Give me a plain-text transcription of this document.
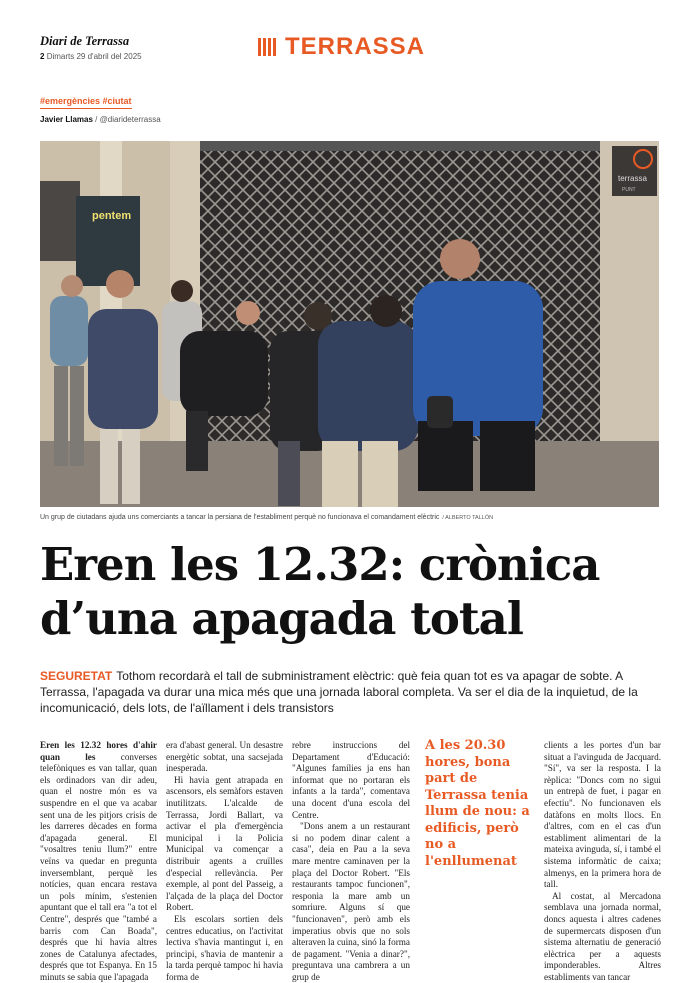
Diari de Terrassa
2 Dimarts 29 d'abril del 2025	TERRASSA
#emergències #ciutat
Javier Llamas / @diarideterrassa
pentem
terrassa
PUNT
Un grup de ciutadans ajuda uns comerciants a tancar la persiana de l'establiment perquè no funcionava el comandament elèctric / ALBERTO TALLÓN
Eren les 12.32: crònica
d’una apagada total
SEGURETAT Tothom recordarà el tall de subministrament elèctric: què feia quan tot es va apagar de sobte. A Terrassa, l'apagada va durar una mica més que una jornada laboral completa. Va ser el dia de la inquietud, de la incomunicació, dels lots, de l'aïllament i dels transistors

Eren les 12.32 hores d'ahir quan les	converses telefòniques es van tallar, quan els ordinadors van dir adeu, quan el nostre món es va suspendre en el que va acabar sent una de les pitjors crisis de les darreres dècades en forma d'apagada general. El "vosaltres teniu llum?" entre veïns va quedar en pregunta inversemblant, perquè les notícies, quan encara restava un pols mínim, s'estenien apuntant que el tall era "a tot el Centre", després que "també a barris com Can Boada", després que hi havia altres zones de Catalunya afectades, després que tot Espanya. En 15 minuts se sabia que l'apagada

era d'abast general. Un desastre energètic sobtat, una sacsejada inesperada.

Hi havia gent atrapada en ascensors, els semàfors estaven inutilitzats. L'alcalde de Terrassa, Jordi Ballart, va activar el pla d'emergència municipal i la Policia Municipal va començar a distribuir agents a cruïlles d'especial rellevància. Per exemple, al pont del Passeig, a l'alçada de la plaça del Doctor Robert.

Els escolars sortien dels centres educatius, on l'activitat lectiva s'havia mantingut i, en principi, s'havia de mantenir a la tarda perquè tampoc hi havia forma de

rebre instruccions del Departament d'Educació: "Algunes famílies ja ens han informat que no portaran els infants a la tarda", comentava una docent d'una escola del Centre.

"Dons anem a un restaurant si no podem dinar calent a casa", deia en Pau a la seva mare mentre caminaven per la plaça del Doctor Robert. "Els restaurants tampoc funcionen", responia la mare amb un somriure. Alguns sí que "funcionaven", però amb els imperatius obvis que no sols alteraven la cuina, sinó la forma de pagament. "Venia a dinar?", preguntava una cambrera a un grup de

A les 20.30 hores, bona part de Terrassa tenia llum de nou: a edificis, però no a l'enllumenat

clients a les portes d'un bar situat a l'avinguda de Jacquard. "Sí", va ser la resposta. I la rèplica: "Doncs com no sigui un entrepà de fuet, i pagar en efectiu". No funcionaven els datàfons en molts llocs. En d'altres, com en el cas d'un establiment alimentari de la mateixa avinguda, sí, i també el sistema informàtic de caixa; almenys, en la primera hora de tall.

Al costat, al Mercadona semblava una jornada normal, doncs aquesta i altres cadenes de supermercats disposen d'un sistema alternatiu de generació elèctrica per a aquests imponderables. Altres establiments van tancar
